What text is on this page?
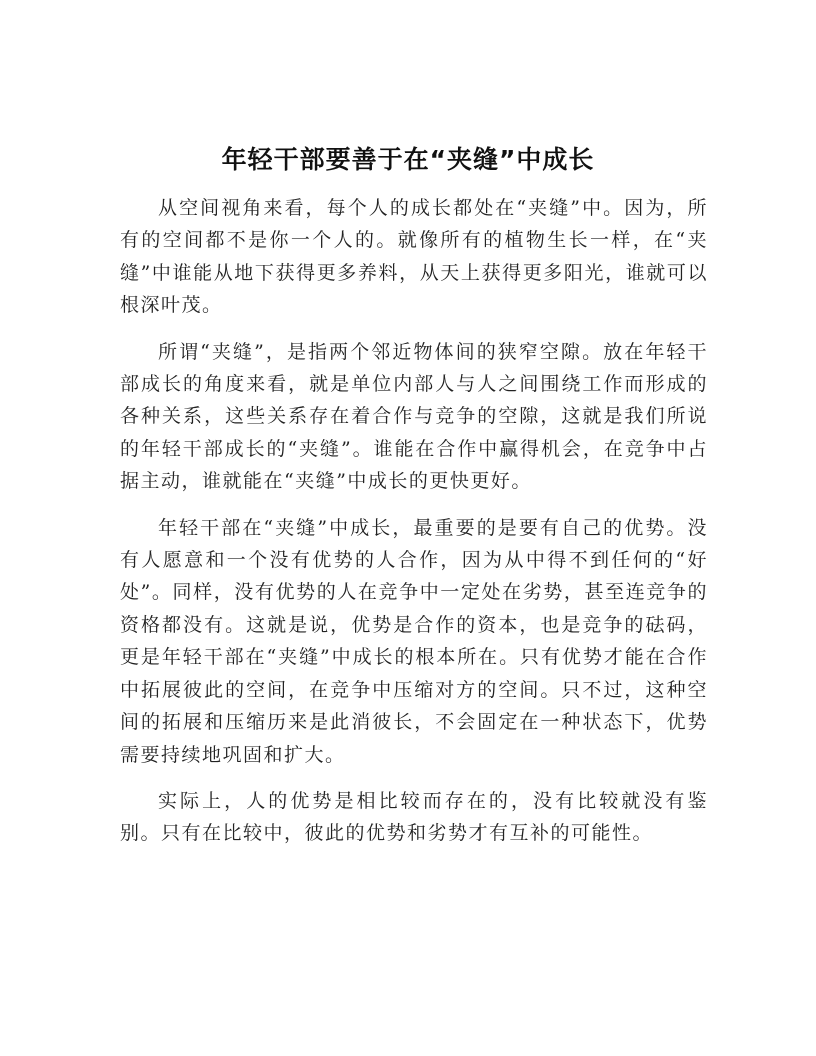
年轻干部要善于在“夹缝”中成长

从空间视角来看，每个人的成长都处在“夹缝”中。因为，所有的空间都不是你一个人的。就像所有的植物生长一样，在“夹缝”中谁能从地下获得更多养料，从天上获得更多阳光，谁就可以根深叶茂。

所谓“夹缝”，是指两个邻近物体间的狭窄空隙。放在年轻干部成长的角度来看，就是单位内部人与人之间围绕工作而形成的各种关系，这些关系存在着合作与竞争的空隙，这就是我们所说的年轻干部成长的“夹缝”。谁能在合作中赢得机会，在竞争中占据主动，谁就能在“夹缝”中成长的更快更好。

年轻干部在“夹缝”中成长，最重要的是要有自己的优势。没有人愿意和一个没有优势的人合作，因为从中得不到任何的“好处”。同样，没有优势的人在竞争中一定处在劣势，甚至连竞争的资格都没有。这就是说，优势是合作的资本，也是竞争的砝码，更是年轻干部在“夹缝”中成长的根本所在。只有优势才能在合作中拓展彼此的空间，在竞争中压缩对方的空间。只不过，这种空间的拓展和压缩历来是此消彼长，不会固定在一种状态下，优势需要持续地巩固和扩大。

实际上，人的优势是相比较而存在的，没有比较就没有鉴别。只有在比较中，彼此的优势和劣势才有互补的可能性。
